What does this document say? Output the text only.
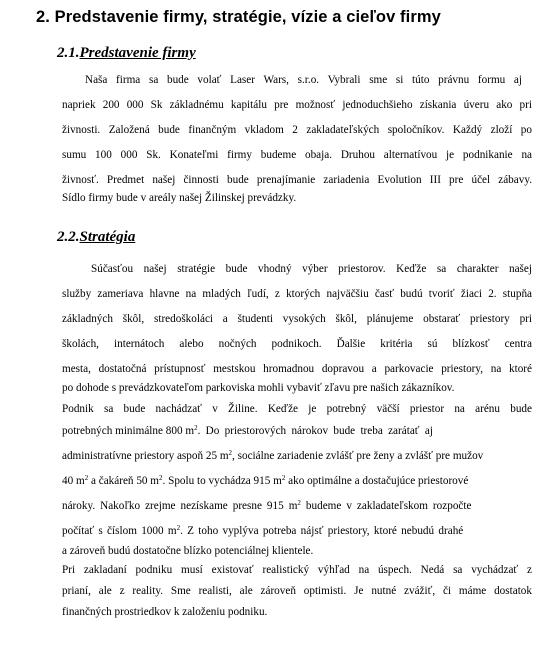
2. Predstavenie firmy, stratégie, vízie a cieľov firmy
2.1.Predstavenie firmy
Naša firma sa bude volať Laser Wars, s.r.o. Vybrali sme si túto právnu formu aj
napriek 200 000 Sk základnému kapitálu pre možnosť jednoduchšieho získania úveru ako pri
živnosti. Založená bude finančným vkladom 2 zakladateľských spoločníkov. Každý zloží po
sumu 100 000 Sk. Konateľmi firmy budeme obaja. Druhou alternatívou je podnikanie na
živnosť. Predmet našej činnosti bude prenajímanie zariadenia Evolution III pre účel zábavy.
Sídlo firmy bude v areály našej Žilinskej prevádzky.
2.2.Stratégia
Súčasťou našej stratégie bude vhodný výber priestorov. Keďže sa charakter našej
služby zameriava hlavne na mladých ľudí, z ktorých najväčšiu časť budú tvoriť žiaci 2. stupňa
základných škôl, stredoškoláci a študenti vysokých škôl, plánujeme obstarať priestory pri
školách, internátoch alebo nočných podnikoch. Ďalšie kritéria sú blízkosť centra
mesta, dostatočná prístupnosť mestskou hromadnou dopravou a parkovacie priestory, na ktoré
po dohode s prevádzkovateľom parkoviska mohli vybaviť zľavu pre našich zákazníkov.
Podnik sa bude nachádzať v Žiline. Keďže je potrebný väčší priestor na arénu bude
potrebných minimálne 800 $m^2$. Do priestorových nárokov bude treba zarátať aj
administratívne priestory aspoň 25 $m^2$, sociálne zariadenie zvlášť pre ženy a zvlášť pre mužov
40 $m^2$ a čakáreň 50 $m^2$. Spolu to vychádza 915 $m^2$ ako optimálne a dostačujúce priestorové
nároky. Nakoľko zrejme nezískame presne 915 $m^2$ budeme v zakladateľskom rozpočte
počítať s číslom 1000 $m^2$. Z toho vyplýva potreba nájsť priestory, ktoré nebudú drahé
a zároveň budú dostatočne blízko potenciálnej klientele.
Pri zakladaní podniku musí existovať realistický výhľad na úspech. Nedá sa vychádzať z
prianí, ale z reality. Sme realisti, ale zároveň optimisti. Je nutné zvážiť, či máme dostatok
finančných prostriedkov k založeniu podniku.
